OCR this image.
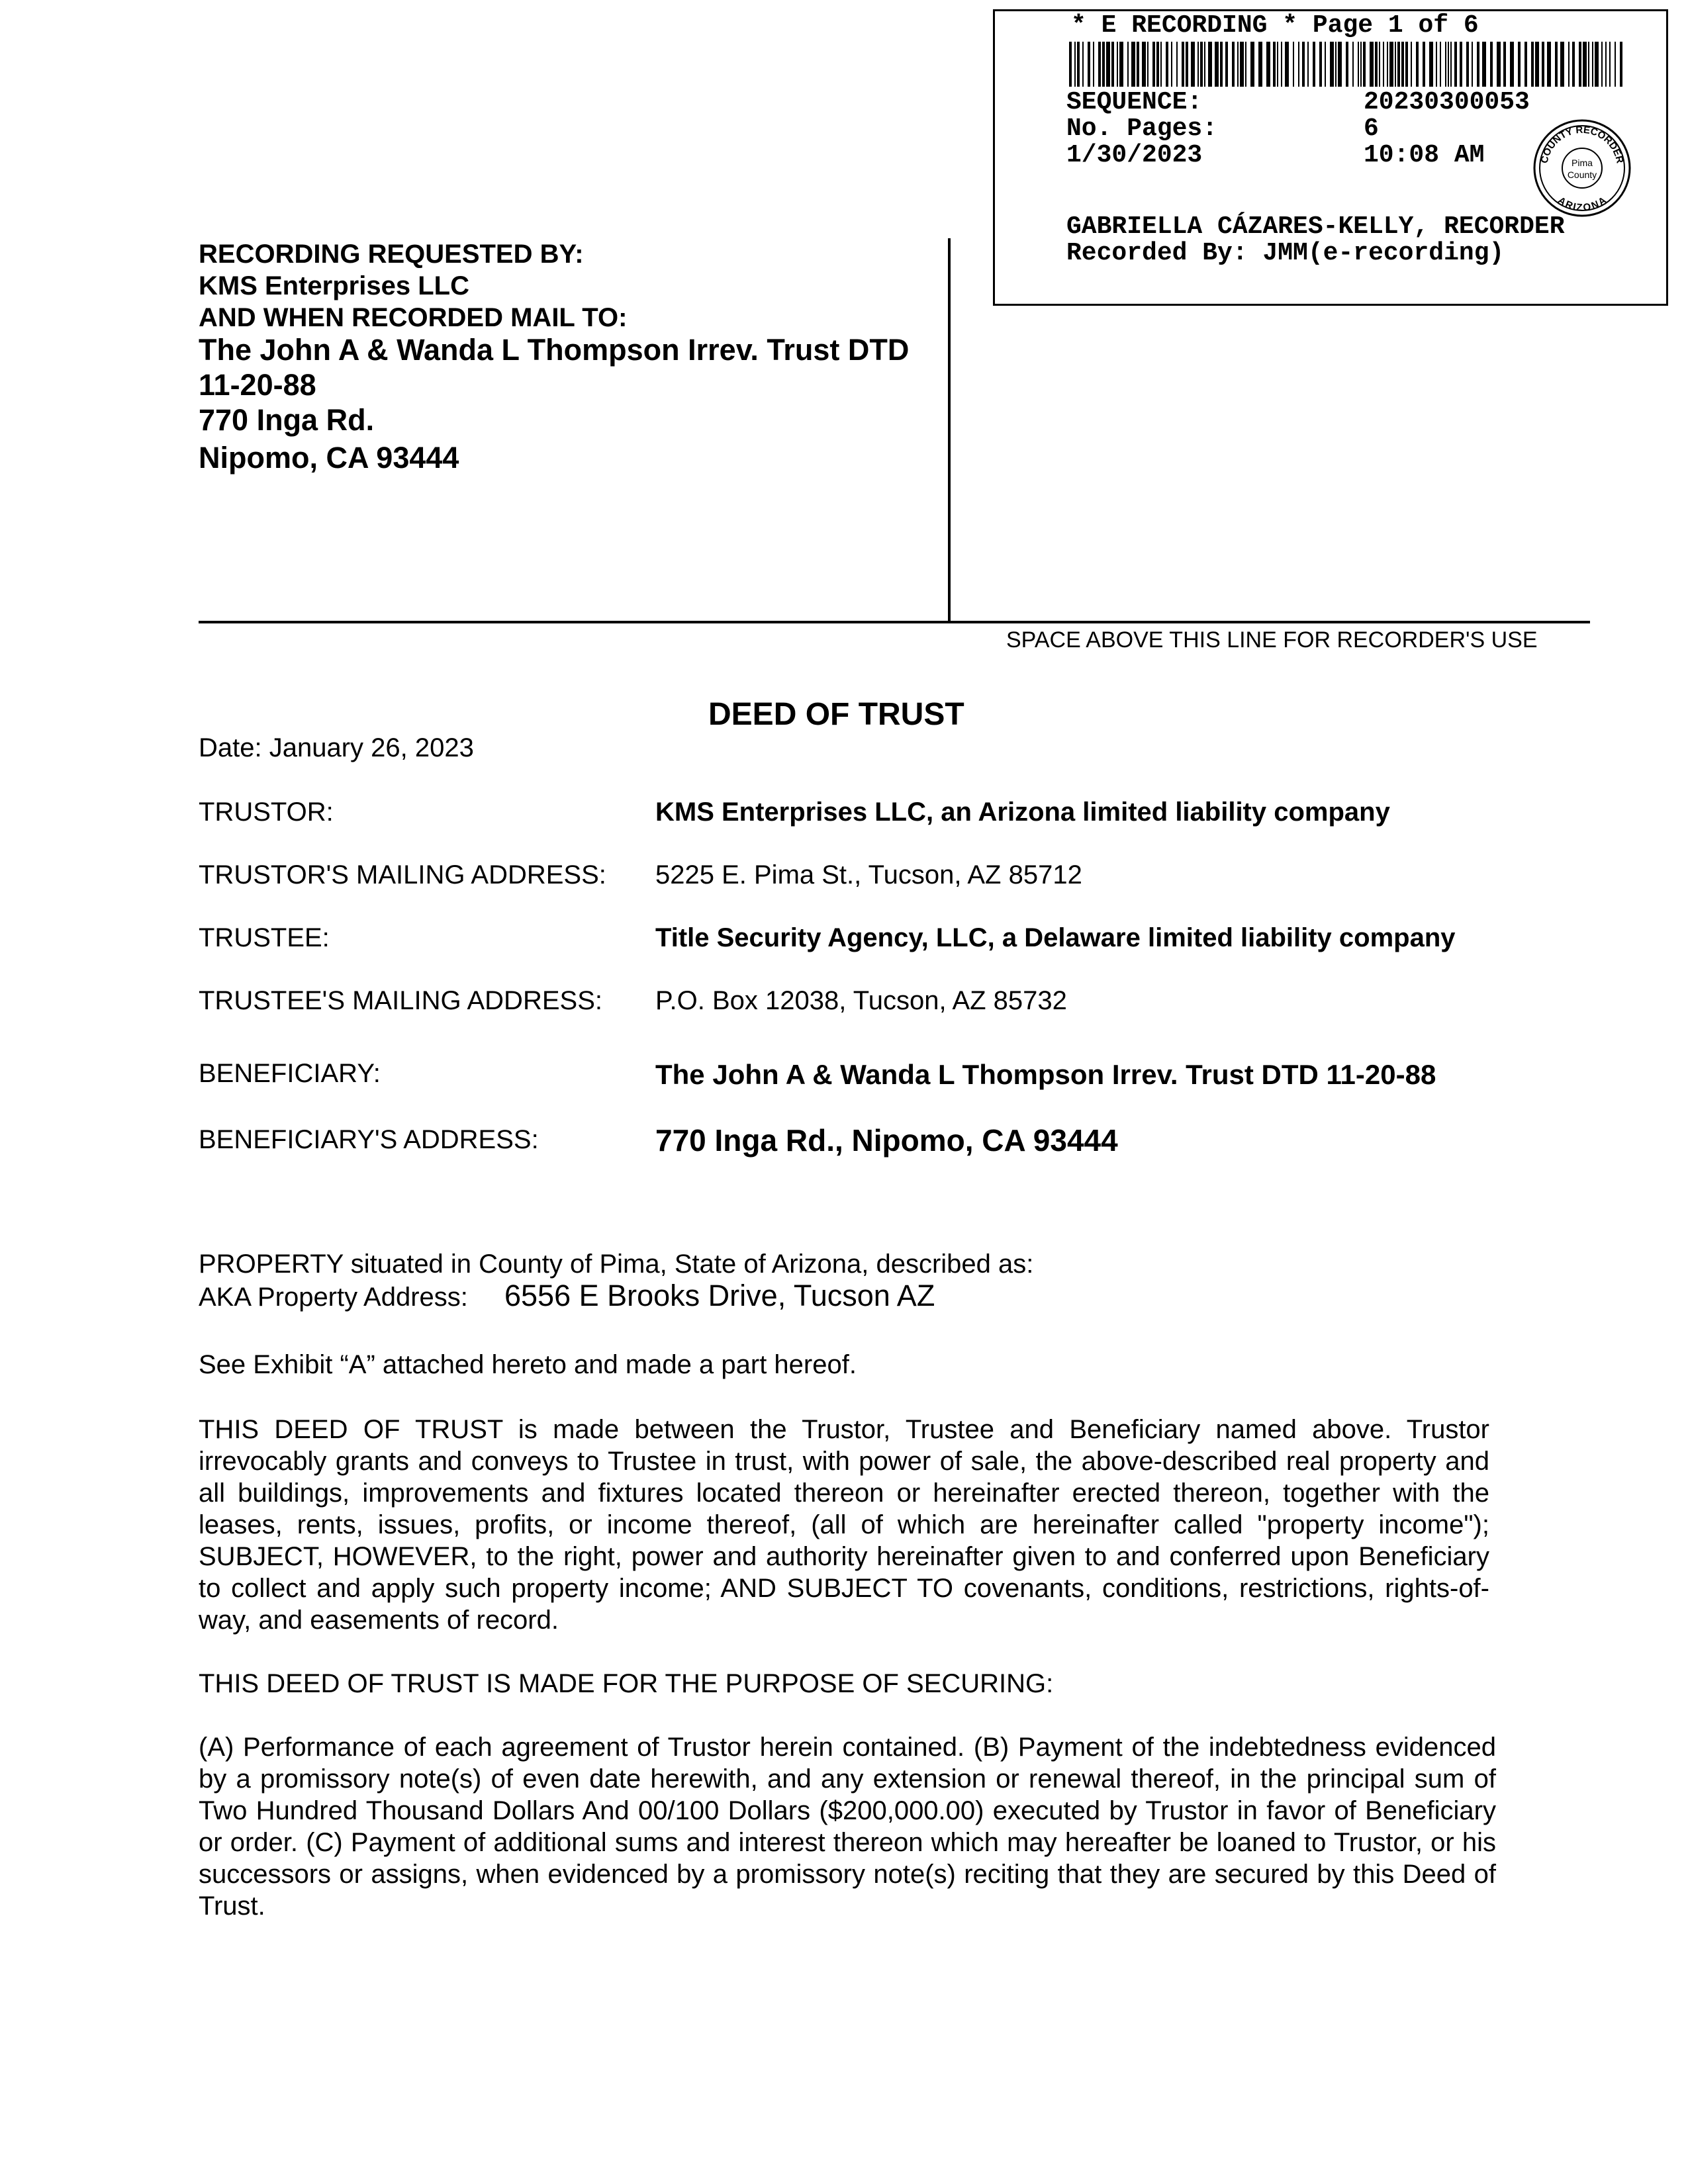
* E RECORDING * Page 1 of 6
SEQUENCE:	20230300053
No. Pages:	6
1/30/2023	10:08 AM
GABRIELLA CÁZARES-KELLY, RECORDER
Recorded By: JMM(e-recording)
COUNTY RECORDER
ARIZONA
Pima
County
RECORDING REQUESTED BY:
KMS Enterprises LLC
AND WHEN RECORDED MAIL TO:
The John A & Wanda L Thompson Irrev. Trust DTD
11-20-88
770 Inga Rd.
Nipomo, CA 93444
SPACE ABOVE THIS LINE FOR RECORDER'S USE
DEED OF TRUST
Date: January 26, 2023
TRUSTOR:	KMS Enterprises LLC, an Arizona limited liability company
TRUSTOR'S MAILING ADDRESS: 5225 E. Pima St., Tucson, AZ 85712
TRUSTEE:	Title Security Agency, LLC, a Delaware limited liability company
TRUSTEE'S MAILING ADDRESS: P.O. Box 12038, Tucson, AZ 85732
BENEFICIARY:	The John A & Wanda L Thompson Irrev. Trust DTD 11-20-88
BENEFICIARY'S ADDRESS:	770 Inga Rd., Nipomo, CA 93444
PROPERTY situated in County of Pima, State of Arizona, described as:
AKA Property Address: 6556 E Brooks Drive, Tucson AZ
See Exhibit “A” attached hereto and made a part hereof.
THIS DEED OF TRUST is made between the Trustor, Trustee and Beneficiary named above. Trustor irrevocably grants and conveys to Trustee in trust, with power of sale, the above-described real property and all buildings, improvements and fixtures located thereon or hereinafter erected thereon, together with the leases, rents, issues, profits, or income thereof, (all of which are hereinafter called "property income"); SUBJECT, HOWEVER, to the right, power and authority hereinafter given to and conferred upon Beneficiary to collect and apply such property income; AND SUBJECT TO covenants, conditions, restrictions, rights-of-way, and easements of record.
THIS DEED OF TRUST IS MADE FOR THE PURPOSE OF SECURING:
(A) Performance of each agreement of Trustor herein contained. (B) Payment of the indebtedness evidenced by a promissory note(s) of even date herewith, and any extension or renewal thereof, in the principal sum of Two Hundred Thousand Dollars And 00/100 Dollars ($200,000.00) executed by Trustor in favor of Beneficiary or order. (C) Payment of additional sums and interest thereon which may hereafter be loaned to Trustor, or his successors or assigns, when evidenced by a promissory note(s) reciting that they are secured by this Deed of Trust.
